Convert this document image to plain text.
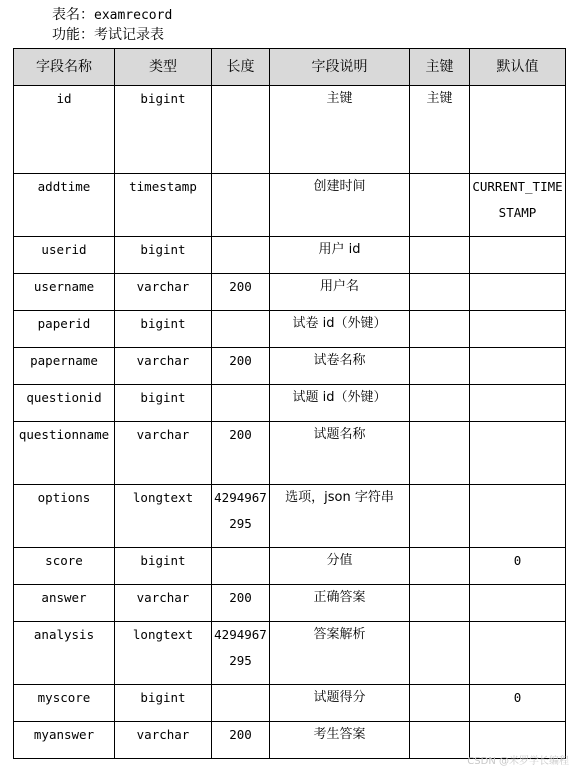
表名：examrecord
功能：考试记录表
字段名称	类型	长度	字段说明	主键	默认值
id	bigint		主键	主键	
addtime	timestamp		创建时间		CURRENT_TIMESTAMP
userid	bigint		用户 id		
username	varchar	200	用户名		
paperid	bigint		试卷 id（外键）		
papername	varchar	200	试卷名称		
questionid	bigint		试题 id（外键）		
questionname	varchar	200	试题名称		
options	longtext	4294967295	选项，json 字符串		
score	bigint		分值		0
answer	varchar	200	正确答案		
analysis	longtext	4294967295	答案解析		
myscore	bigint		试题得分		0
myanswer	varchar	200	考生答案		
CSDN @米罗学长编程
